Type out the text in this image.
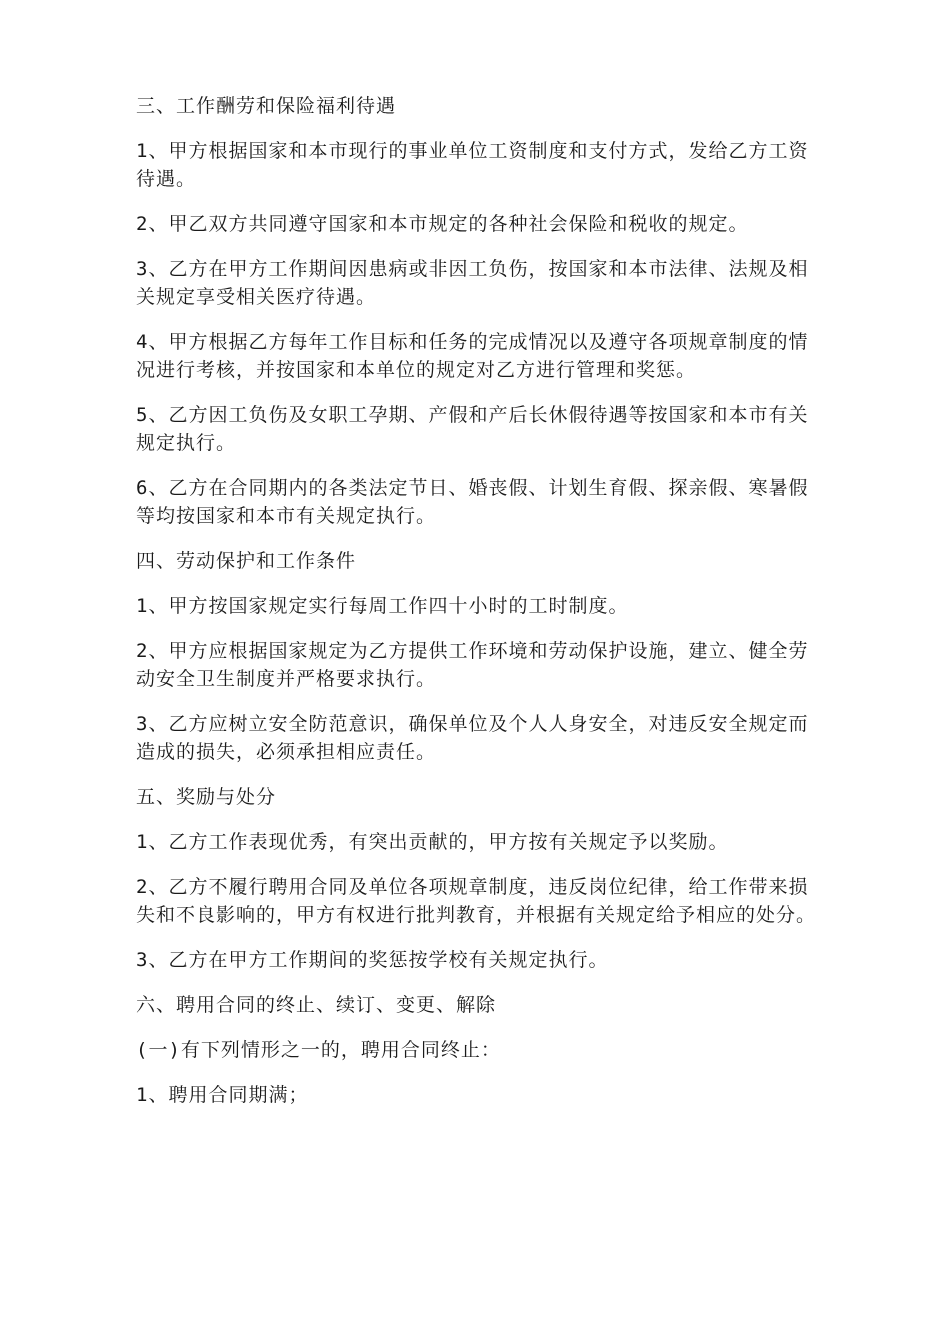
三、工作酬劳和保险福利待遇

1、甲方根据国家和本市现行的事业单位工资制度和支付方式，发给乙方工资待遇。

2、甲乙双方共同遵守国家和本市规定的各种社会保险和税收的规定。

3、乙方在甲方工作期间因患病或非因工负伤，按国家和本市法律、法规及相关规定享受相关医疗待遇。

4、甲方根据乙方每年工作目标和任务的完成情况以及遵守各项规章制度的情况进行考核，并按国家和本单位的规定对乙方进行管理和奖惩。

5、乙方因工负伤及女职工孕期、产假和产后长休假待遇等按国家和本市有关规定执行。

6、乙方在合同期内的各类法定节日、婚丧假、计划生育假、探亲假、寒暑假等均按国家和本市有关规定执行。

四、劳动保护和工作条件

1、甲方按国家规定实行每周工作四十小时的工时制度。

2、甲方应根据国家规定为乙方提供工作环境和劳动保护设施，建立、健全劳动安全卫生制度并严格要求执行。

3、乙方应树立安全防范意识，确保单位及个人人身安全，对违反安全规定而造成的损失，必须承担相应责任。

五、奖励与处分

1、乙方工作表现优秀，有突出贡献的，甲方按有关规定予以奖励。

2、乙方不履行聘用合同及单位各项规章制度，违反岗位纪律，给工作带来损失和不良影响的，甲方有权进行批判教育，并根据有关规定给予相应的处分。

3、乙方在甲方工作期间的奖惩按学校有关规定执行。

六、聘用合同的终止、续订、变更、解除

(一)有下列情形之一的，聘用合同终止：

1、聘用合同期满；
